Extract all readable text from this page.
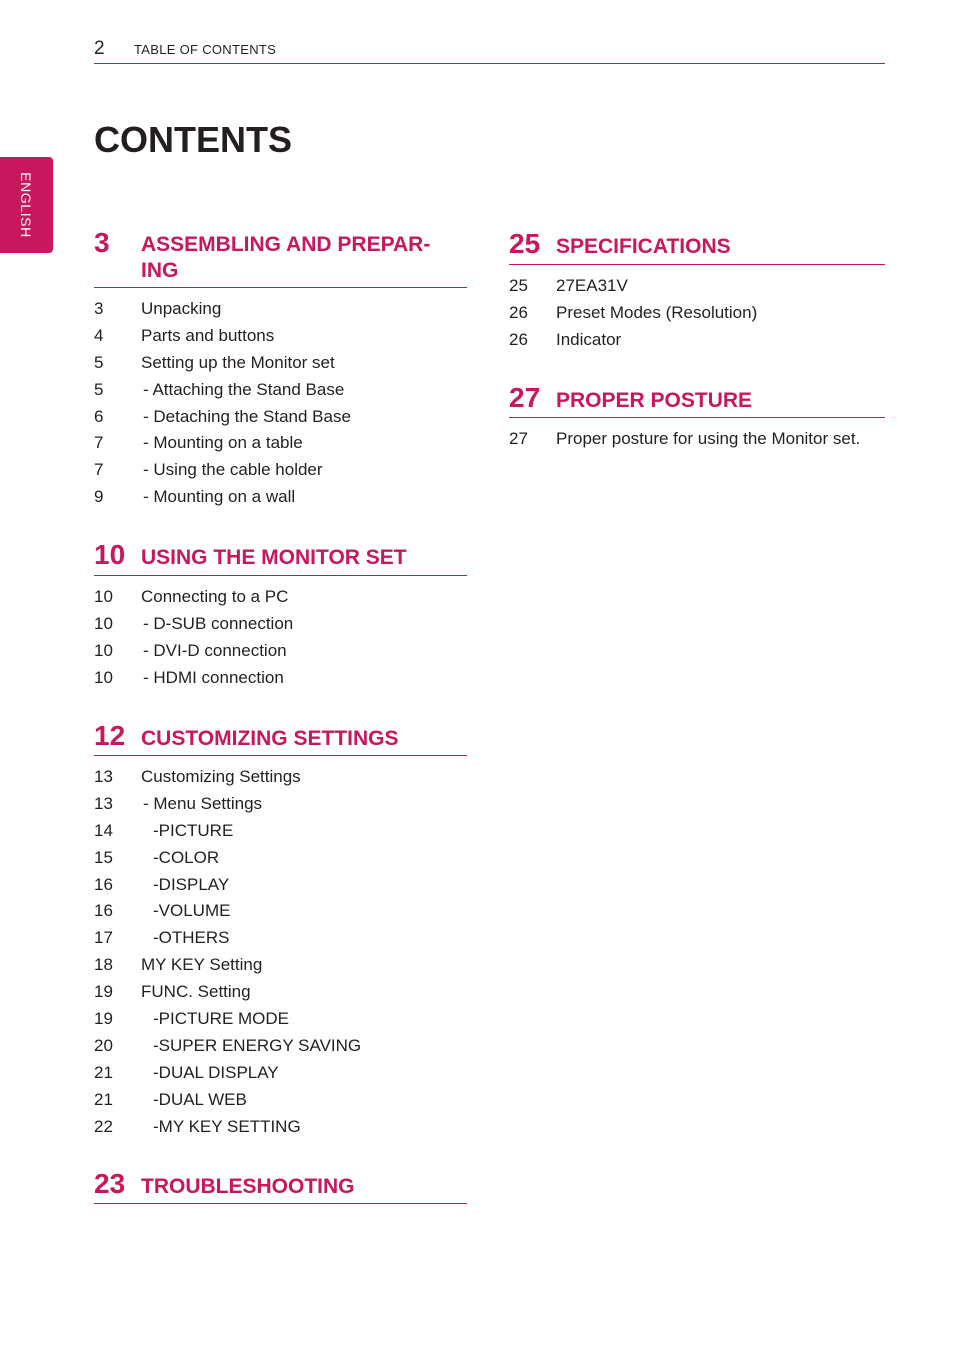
2 TABLE OF CONTENTS
ENGLISH
CONTENTS
3 ASSEMBLING AND PREPAR-
ING
3 Unpacking
4 Parts and buttons
5 Setting up the Monitor set
5 - Attaching the Stand Base
6 - Detaching the Stand Base
7 - Mounting on a table
7 - Using the cable holder
9 - Mounting on a wall
10 USING THE MONITOR SET
10 Connecting to a PC
10 - D-SUB connection
10 - DVI-D connection
10 - HDMI connection
12 CUSTOMIZING SETTINGS
13 Customizing Settings
13 - Menu Settings
14 -PICTURE
15 -COLOR
16 -DISPLAY
16 -VOLUME
17 -OTHERS
18 MY KEY Setting
19 FUNC. Setting
19 -PICTURE MODE
20 -SUPER ENERGY SAVING
21 -DUAL DISPLAY
21 -DUAL WEB
22 -MY KEY SETTING
23 TROUBLESHOOTING
25 SPECIFICATIONS
25 27EA31V
26 Preset Modes (Resolution)
26 Indicator
27 PROPER POSTURE
27 Proper posture for using the Monitor set.
